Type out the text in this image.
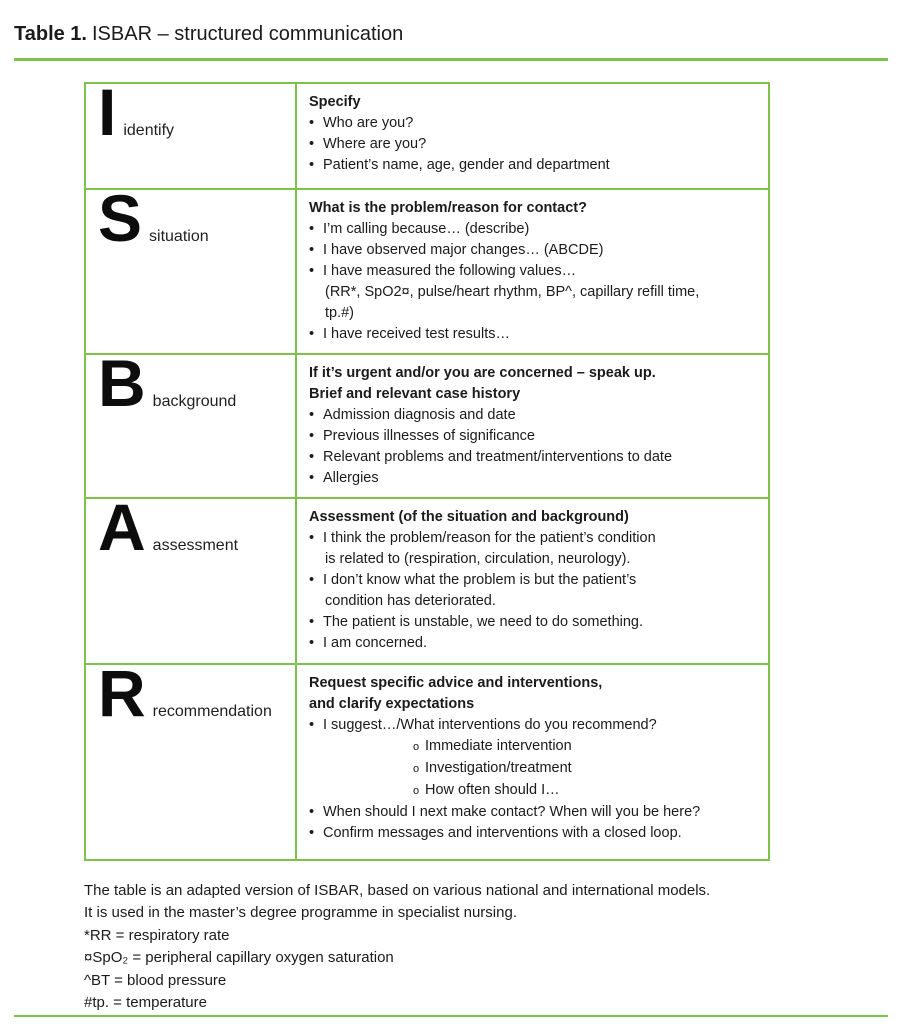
Table 1. ISBAR – structured communication
I identify

Specify
• Who are you?
• Where are you?
• Patient’s name, age, gender and department

S situation

What is the problem/reason for contact?
• I’m calling because… (describe)
• I have observed major changes… (ABCDE)
• I have measured the following values…
(RR*, SpO2¤, pulse/heart rhythm, BP^, capillary refill time,
tp.#)
• I have received test results…

B background

If it’s urgent and/or you are concerned – speak up.
Brief and relevant case history
• Admission diagnosis and date
• Previous illnesses of significance
• Relevant problems and treatment/interventions to date
• Allergies

A assessment

Assessment (of the situation and background)
• I think the problem/reason for the patient’s condition
is related to (respiration, circulation, neurology).
• I don’t know what the problem is but the patient’s
condition has deteriorated.
• The patient is unstable, we need to do something.
• I am concerned.

R recommendation

Request specific advice and interventions,
and clarify expectations
• I suggest…/What interventions do you recommend?
o Immediate intervention
o Investigation/treatment
o How often should I…
• When should I next make contact? When will you be here?
• Confirm messages and interventions with a closed loop.
The table is an adapted version of ISBAR, based on various national and international models.
It is used in the master’s degree programme in specialist nursing.
*RR = respiratory rate
¤SpO₂ = peripheral capillary oxygen saturation
^BT = blood pressure
#tp. = temperature
